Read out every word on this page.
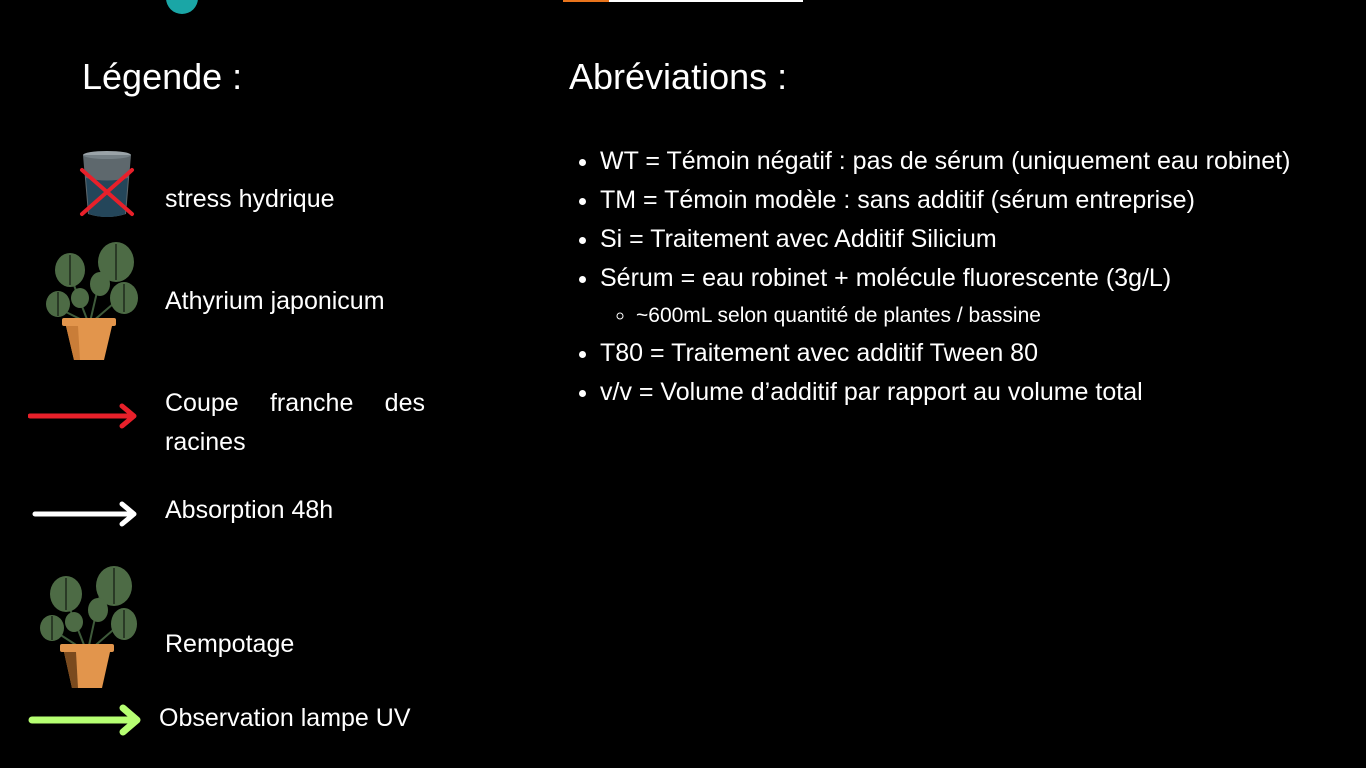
Légende :
stress hydrique
Athyrium japonicum
Coupe franche des racines
Absorption 48h
Rempotage
Observation lampe UV
Abréviations :
• WT = Témoin négatif : pas de sérum (uniquement eau robinet)
• TM = Témoin modèle : sans additif (sérum entreprise)
• Si = Traitement avec Additif Silicium
• Sérum = eau robinet + molécule fluorescente (3g/L)
◦ ~600mL selon quantité de plantes / bassine
• T80 = Traitement avec additif Tween 80
• v/v = Volume d’additif par rapport au volume total
